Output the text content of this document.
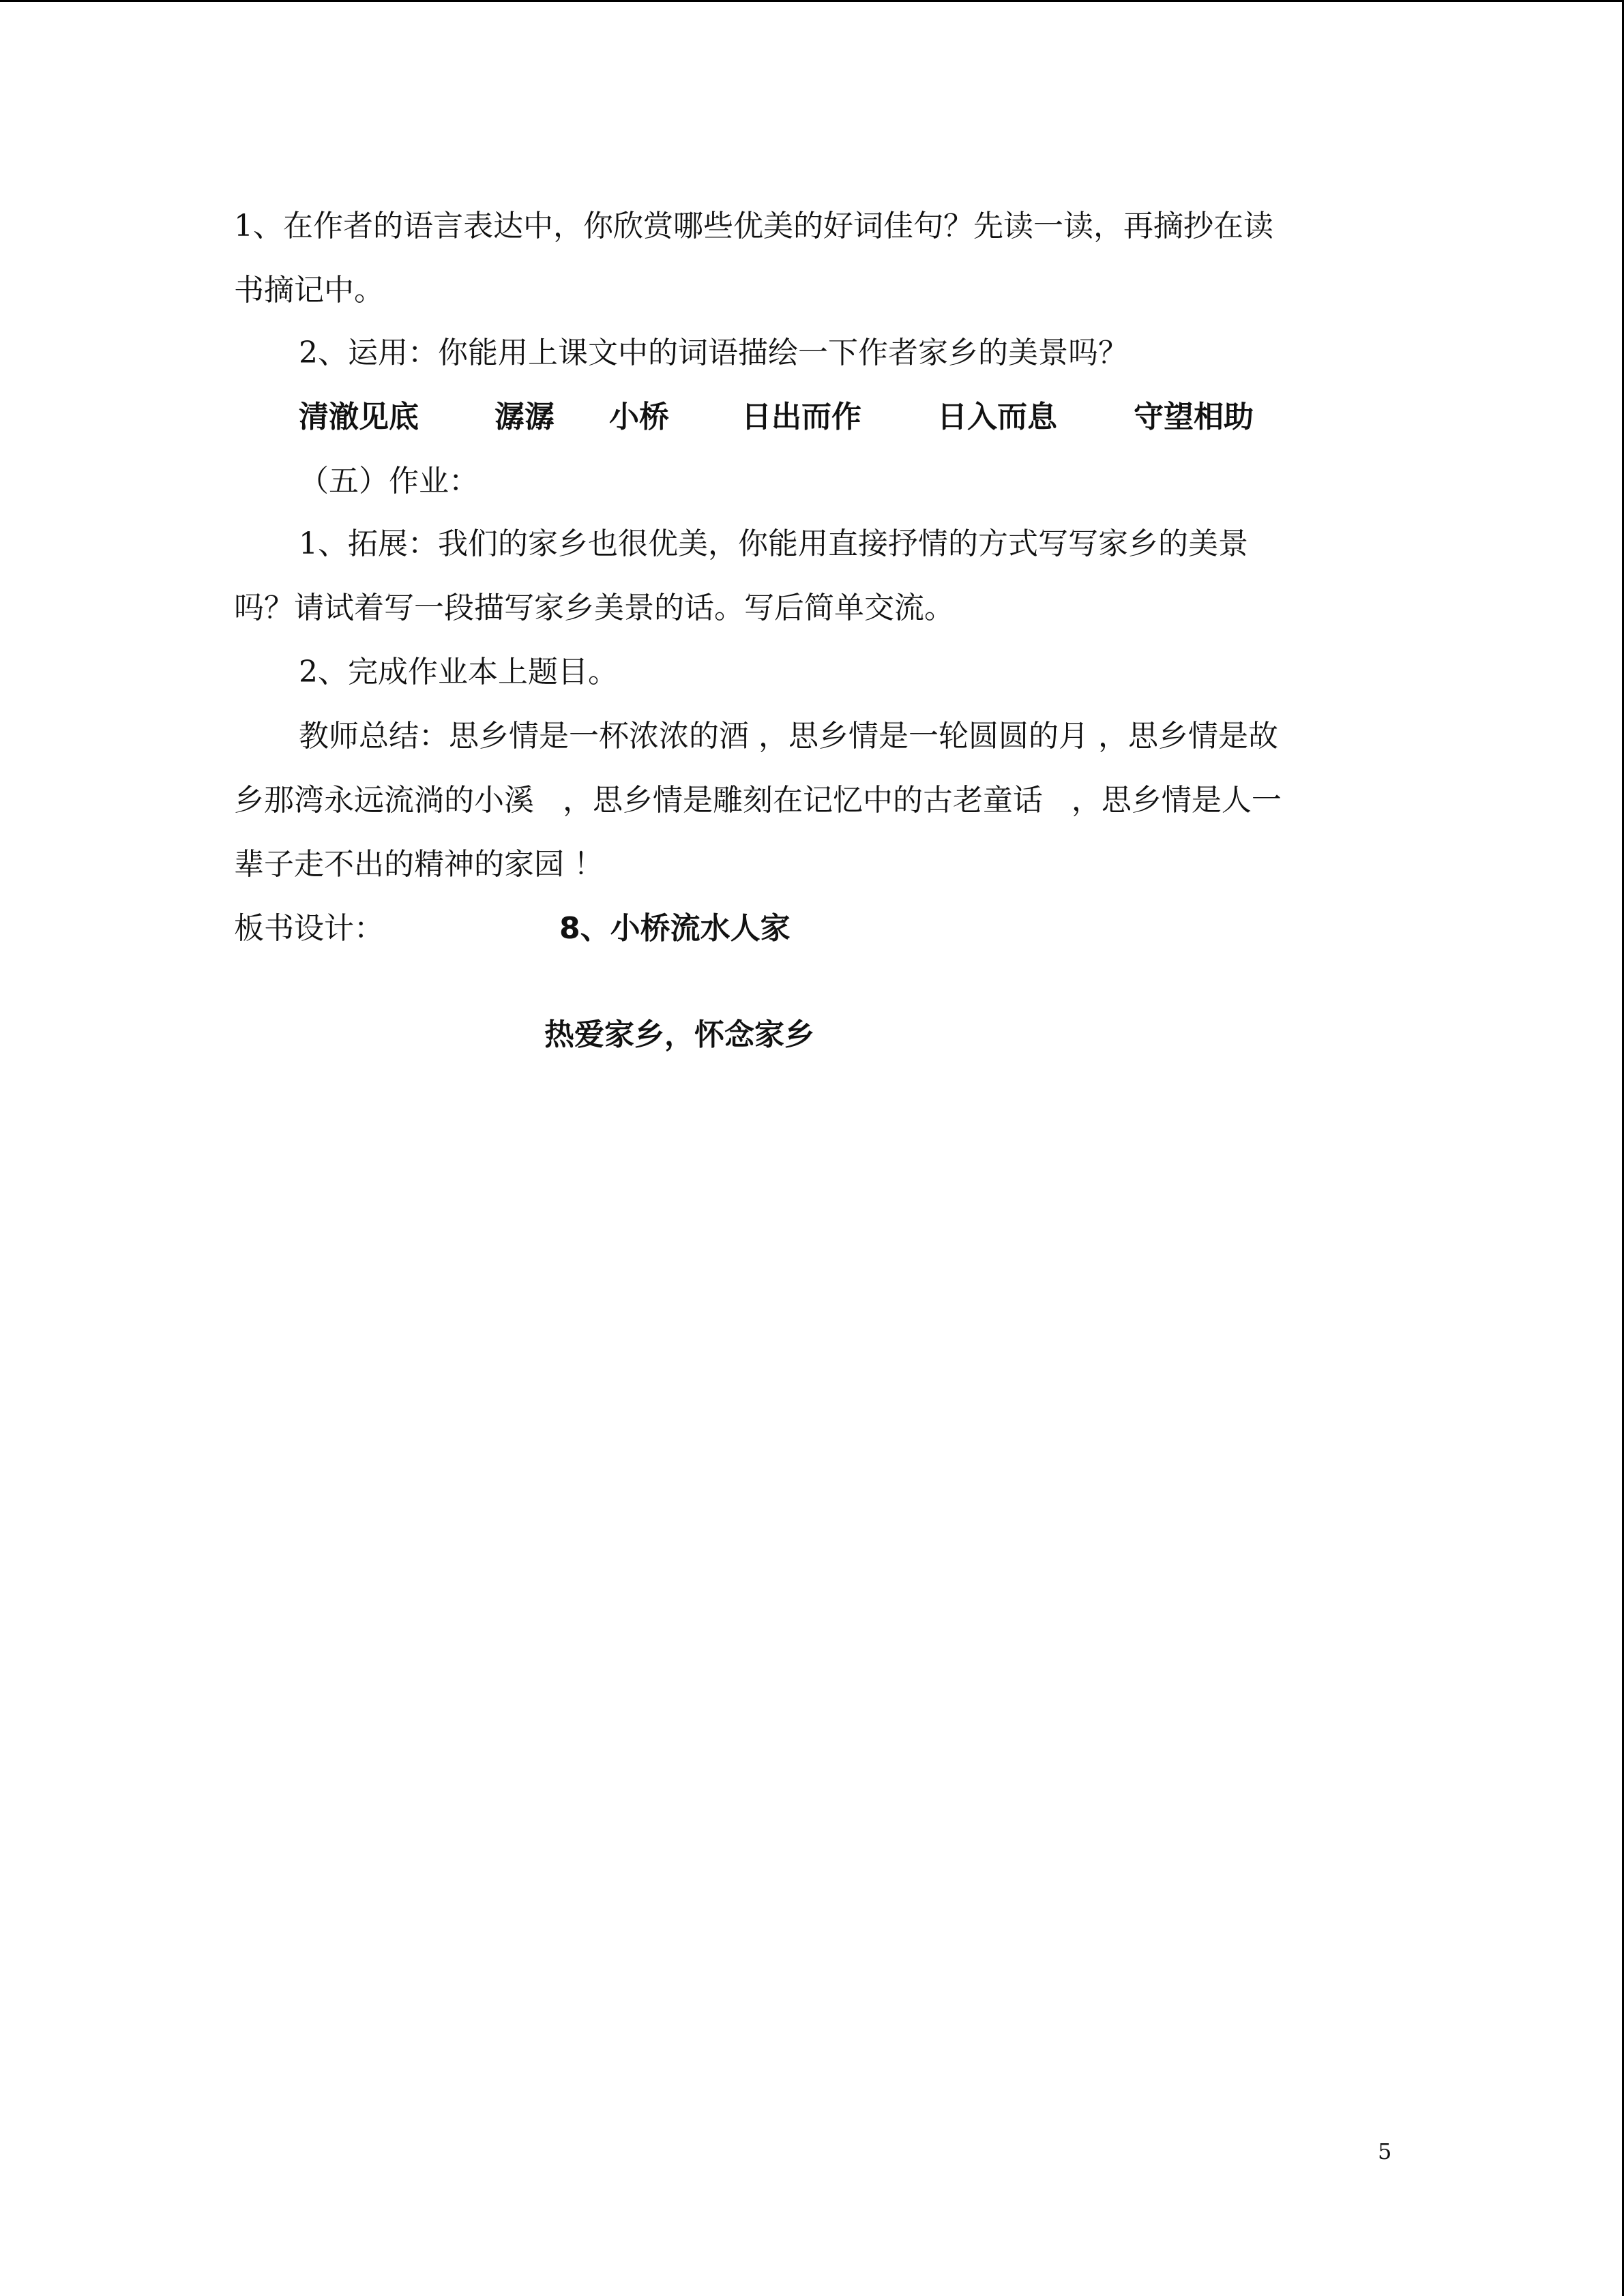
1、在作者的语言表达中，你欣赏哪些优美的好词佳句？先读一读，再摘抄在读
书摘记中。
2、运用：你能用上课文中的词语描绘一下作者家乡的美景吗？
清澈见底	潺潺 小桥 日出而作	日入而息	守望相助
（五）作业：
1、拓展：我们的家乡也很优美，你能用直接抒情的方式写写家乡的美景
吗？请试着写一段描写家乡美景的话。写后简单交流。
2、完成作业本上题目。
教师总结：思乡情是一杯浓浓的酒 ，思乡情是一轮圆圆的月 ，思乡情是故
乡那湾永远流淌的小溪   ，思乡情是雕刻在记忆中的古老童话   ，思乡情是人一
辈子走不出的精神的家园 ！
板书设计：	8、小桥流水人家
热爱家乡，怀念家乡
5
